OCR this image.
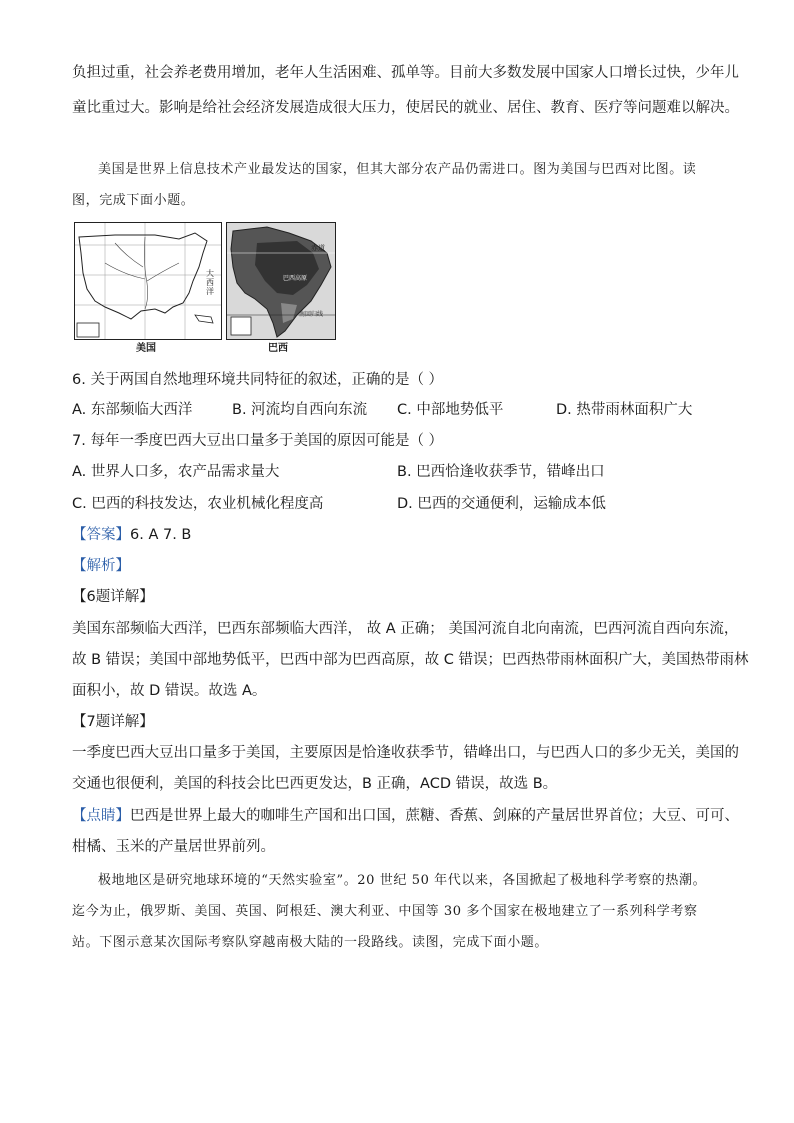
负担过重，社会养老费用增加，老年人生活困难、孤单等。目前大多数发展中国家人口增长过快，少年儿
童比重过大。影响是给社会经济发展造成很大压力，使居民的就业、居住、教育、医疗等问题难以解决。
美国是世界上信息技术产业最发达的国家，但其大部分农产品仍需进口。图为美国与巴西对比图。读
图，完成下面小题。
大西洋
赤道
巴西高原
南回归线
美国	巴西
6. 关于两国自然地理环境共同特征的叙述，正确的是（ ）
A. 东部频临大西洋	B. 河流均自西向东流 C. 中部地势低平	D. 热带雨林面积广大
7. 每年一季度巴西大豆出口量多于美国的原因可能是（ ）
A. 世界人口多，农产品需求量大	B. 巴西恰逢收获季节，错峰出口
C. 巴西的科技发达，农业机械化程度高	D. 巴西的交通便利，运输成本低
【答案】6. A 7. B
【解析】
【6题详解】
美国东部频临大西洋，巴西东部频临大西洋， 故 A 正确； 美国河流自北向南流，巴西河流自西向东流，
故 B 错误；美国中部地势低平，巴西中部为巴西高原，故 C 错误；巴西热带雨林面积广大，美国热带雨林
面积小，故 D 错误。故选 A。
【7题详解】
一季度巴西大豆出口量多于美国，主要原因是恰逢收获季节，错峰出口，与巴西人口的多少无关，美国的
交通也很便利，美国的科技会比巴西更发达，B 正确，ACD 错误，故选 B。
【点睛】巴西是世界上最大的咖啡生产国和出口国，蔗糖、香蕉、剑麻的产量居世界首位；大豆、可可、
柑橘、玉米的产量居世界前列。
极地地区是研究地球环境的“天然实验室”。20 世纪 50 年代以来，各国掀起了极地科学考察的热潮。
迄今为止，俄罗斯、美国、英国、阿根廷、澳大利亚、中国等 30 多个国家在极地建立了一系列科学考察
站。下图示意某次国际考察队穿越南极大陆的一段路线。读图，完成下面小题。
